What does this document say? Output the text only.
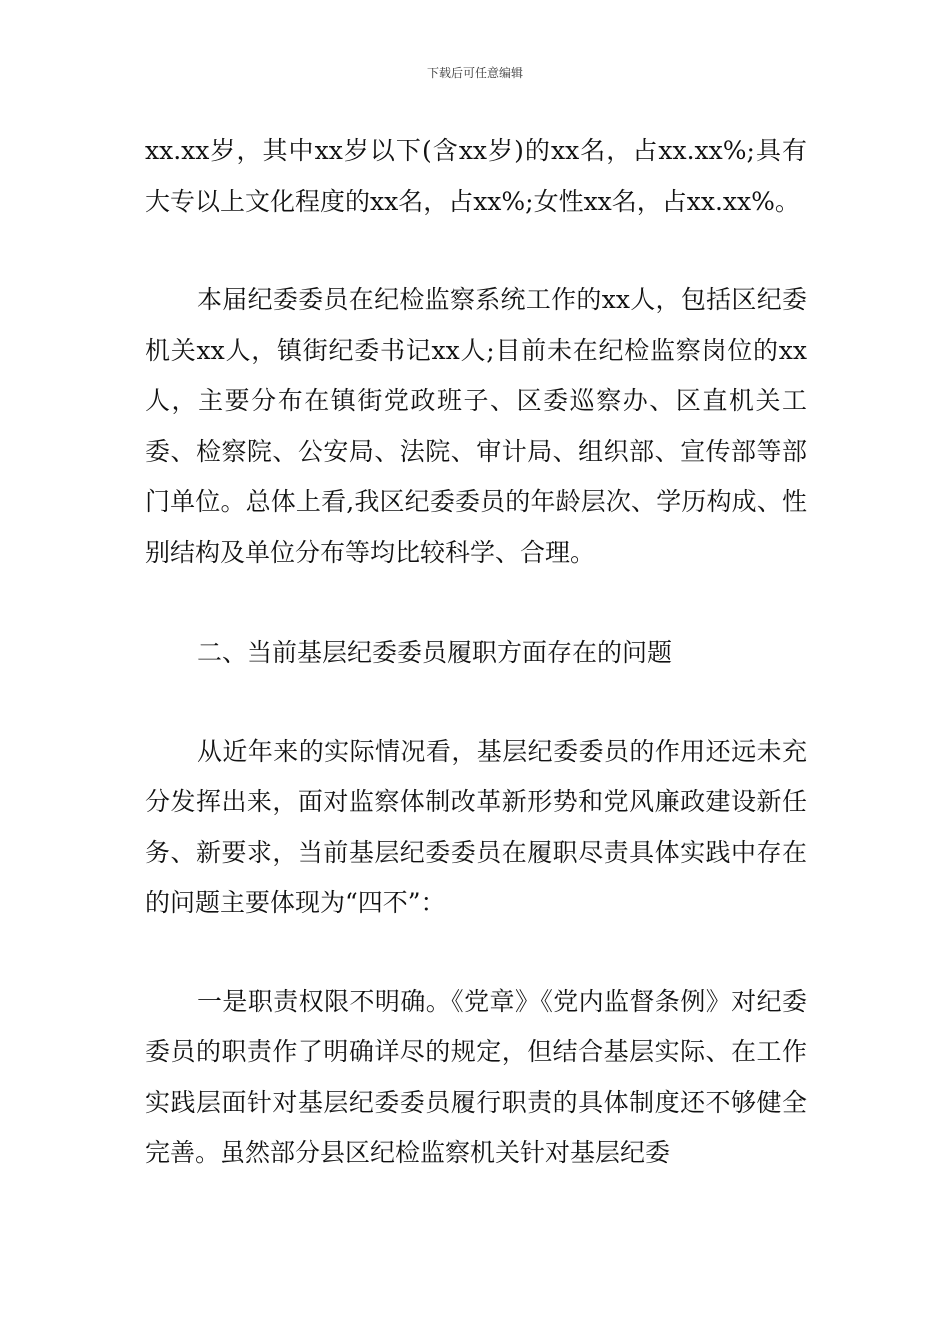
下载后可任意编辑

xx.xx岁，其中xx岁以下(含xx岁)的xx名，占xx.xx%;具有大专以上文化程度的xx名，占xx%;女性xx名，占xx.xx%。

本届纪委委员在纪检监察系统工作的xx人，包括区纪委机关xx人，镇街纪委书记xx人;目前未在纪检监察岗位的xx人，主要分布在镇街党政班子、区委巡察办、区直机关工委、检察院、公安局、法院、审计局、组织部、宣传部等部门单位。总体上看,我区纪委委员的年龄层次、学历构成、性别结构及单位分布等均比较科学、合理。

二、当前基层纪委委员履职方面存在的问题

从近年来的实际情况看，基层纪委委员的作用还远未充分发挥出来，面对监察体制改革新形势和党风廉政建设新任务、新要求，当前基层纪委委员在履职尽责具体实践中存在的问题主要体现为“四不”：

一是职责权限不明确。《党章》《党内监督条例》对纪委委员的职责作了明确详尽的规定，但结合基层实际、在工作实践层面针对基层纪委委员履行职责的具体制度还不够健全完善。虽然部分县区纪检监察机关针对基层纪委
